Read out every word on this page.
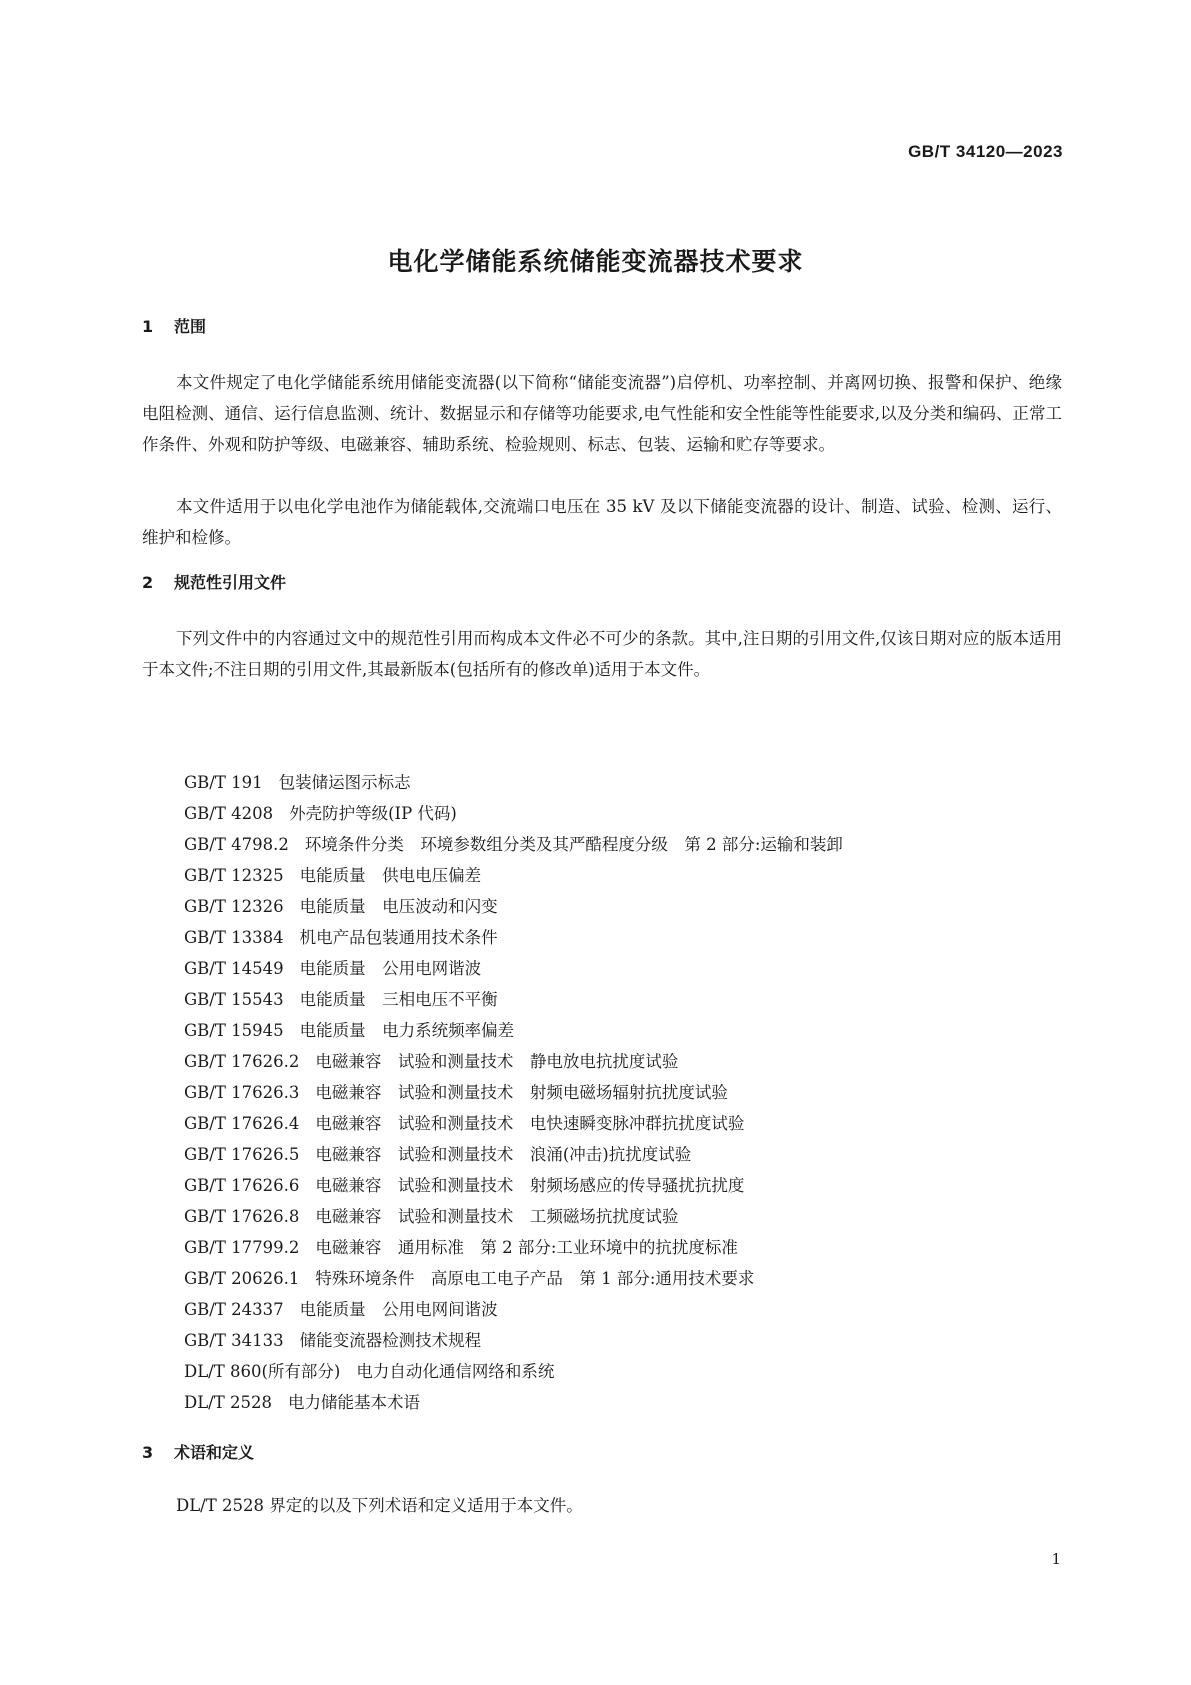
GB/T 34120—2023
电化学储能系统储能变流器技术要求
1 范围

本文件规定了电化学储能系统用储能变流器(以下简称“储能变流器”)启停机、功率控制、并离网切换、报警和保护、绝缘电阻检测、通信、运行信息监测、统计、数据显示和存储等功能要求,电气性能和安全性能等性能要求,以及分类和编码、正常工作条件、外观和防护等级、电磁兼容、辅助系统、检验规则、标志、包装、运输和贮存等要求。

本文件适用于以电化学电池作为储能载体,交流端口电压在 35 kV 及以下储能变流器的设计、制造、试验、检测、运行、维护和检修。

2 规范性引用文件

下列文件中的内容通过文中的规范性引用而构成本文件必不可少的条款。其中,注日期的引用文件,仅该日期对应的版本适用于本文件;不注日期的引用文件,其最新版本(包括所有的修改单)适用于本文件。

GB/T 191 包装储运图示标志
GB/T 4208 外壳防护等级(IP 代码)
GB/T 4798.2 环境条件分类　环境参数组分类及其严酷程度分级　第 2 部分:运输和装卸
GB/T 12325 电能质量　供电电压偏差
GB/T 12326 电能质量　电压波动和闪变
GB/T 13384 机电产品包装通用技术条件
GB/T 14549 电能质量　公用电网谐波
GB/T 15543 电能质量　三相电压不平衡
GB/T 15945 电能质量　电力系统频率偏差
GB/T 17626.2 电磁兼容　试验和测量技术　静电放电抗扰度试验
GB/T 17626.3 电磁兼容　试验和测量技术　射频电磁场辐射抗扰度试验
GB/T 17626.4 电磁兼容　试验和测量技术　电快速瞬变脉冲群抗扰度试验
GB/T 17626.5 电磁兼容　试验和测量技术　浪涌(冲击)抗扰度试验
GB/T 17626.6 电磁兼容　试验和测量技术　射频场感应的传导骚扰抗扰度
GB/T 17626.8 电磁兼容　试验和测量技术　工频磁场抗扰度试验
GB/T 17799.2 电磁兼容　通用标准　第 2 部分:工业环境中的抗扰度标准
GB/T 20626.1 特殊环境条件　高原电工电子产品　第 1 部分:通用技术要求
GB/T 24337 电能质量　公用电网间谐波
GB/T 34133 储能变流器检测技术规程
DL/T 860(所有部分) 电力自动化通信网络和系统
DL/T 2528 电力储能基本术语
3 术语和定义

DL/T 2528 界定的以及下列术语和定义适用于本文件。

1
